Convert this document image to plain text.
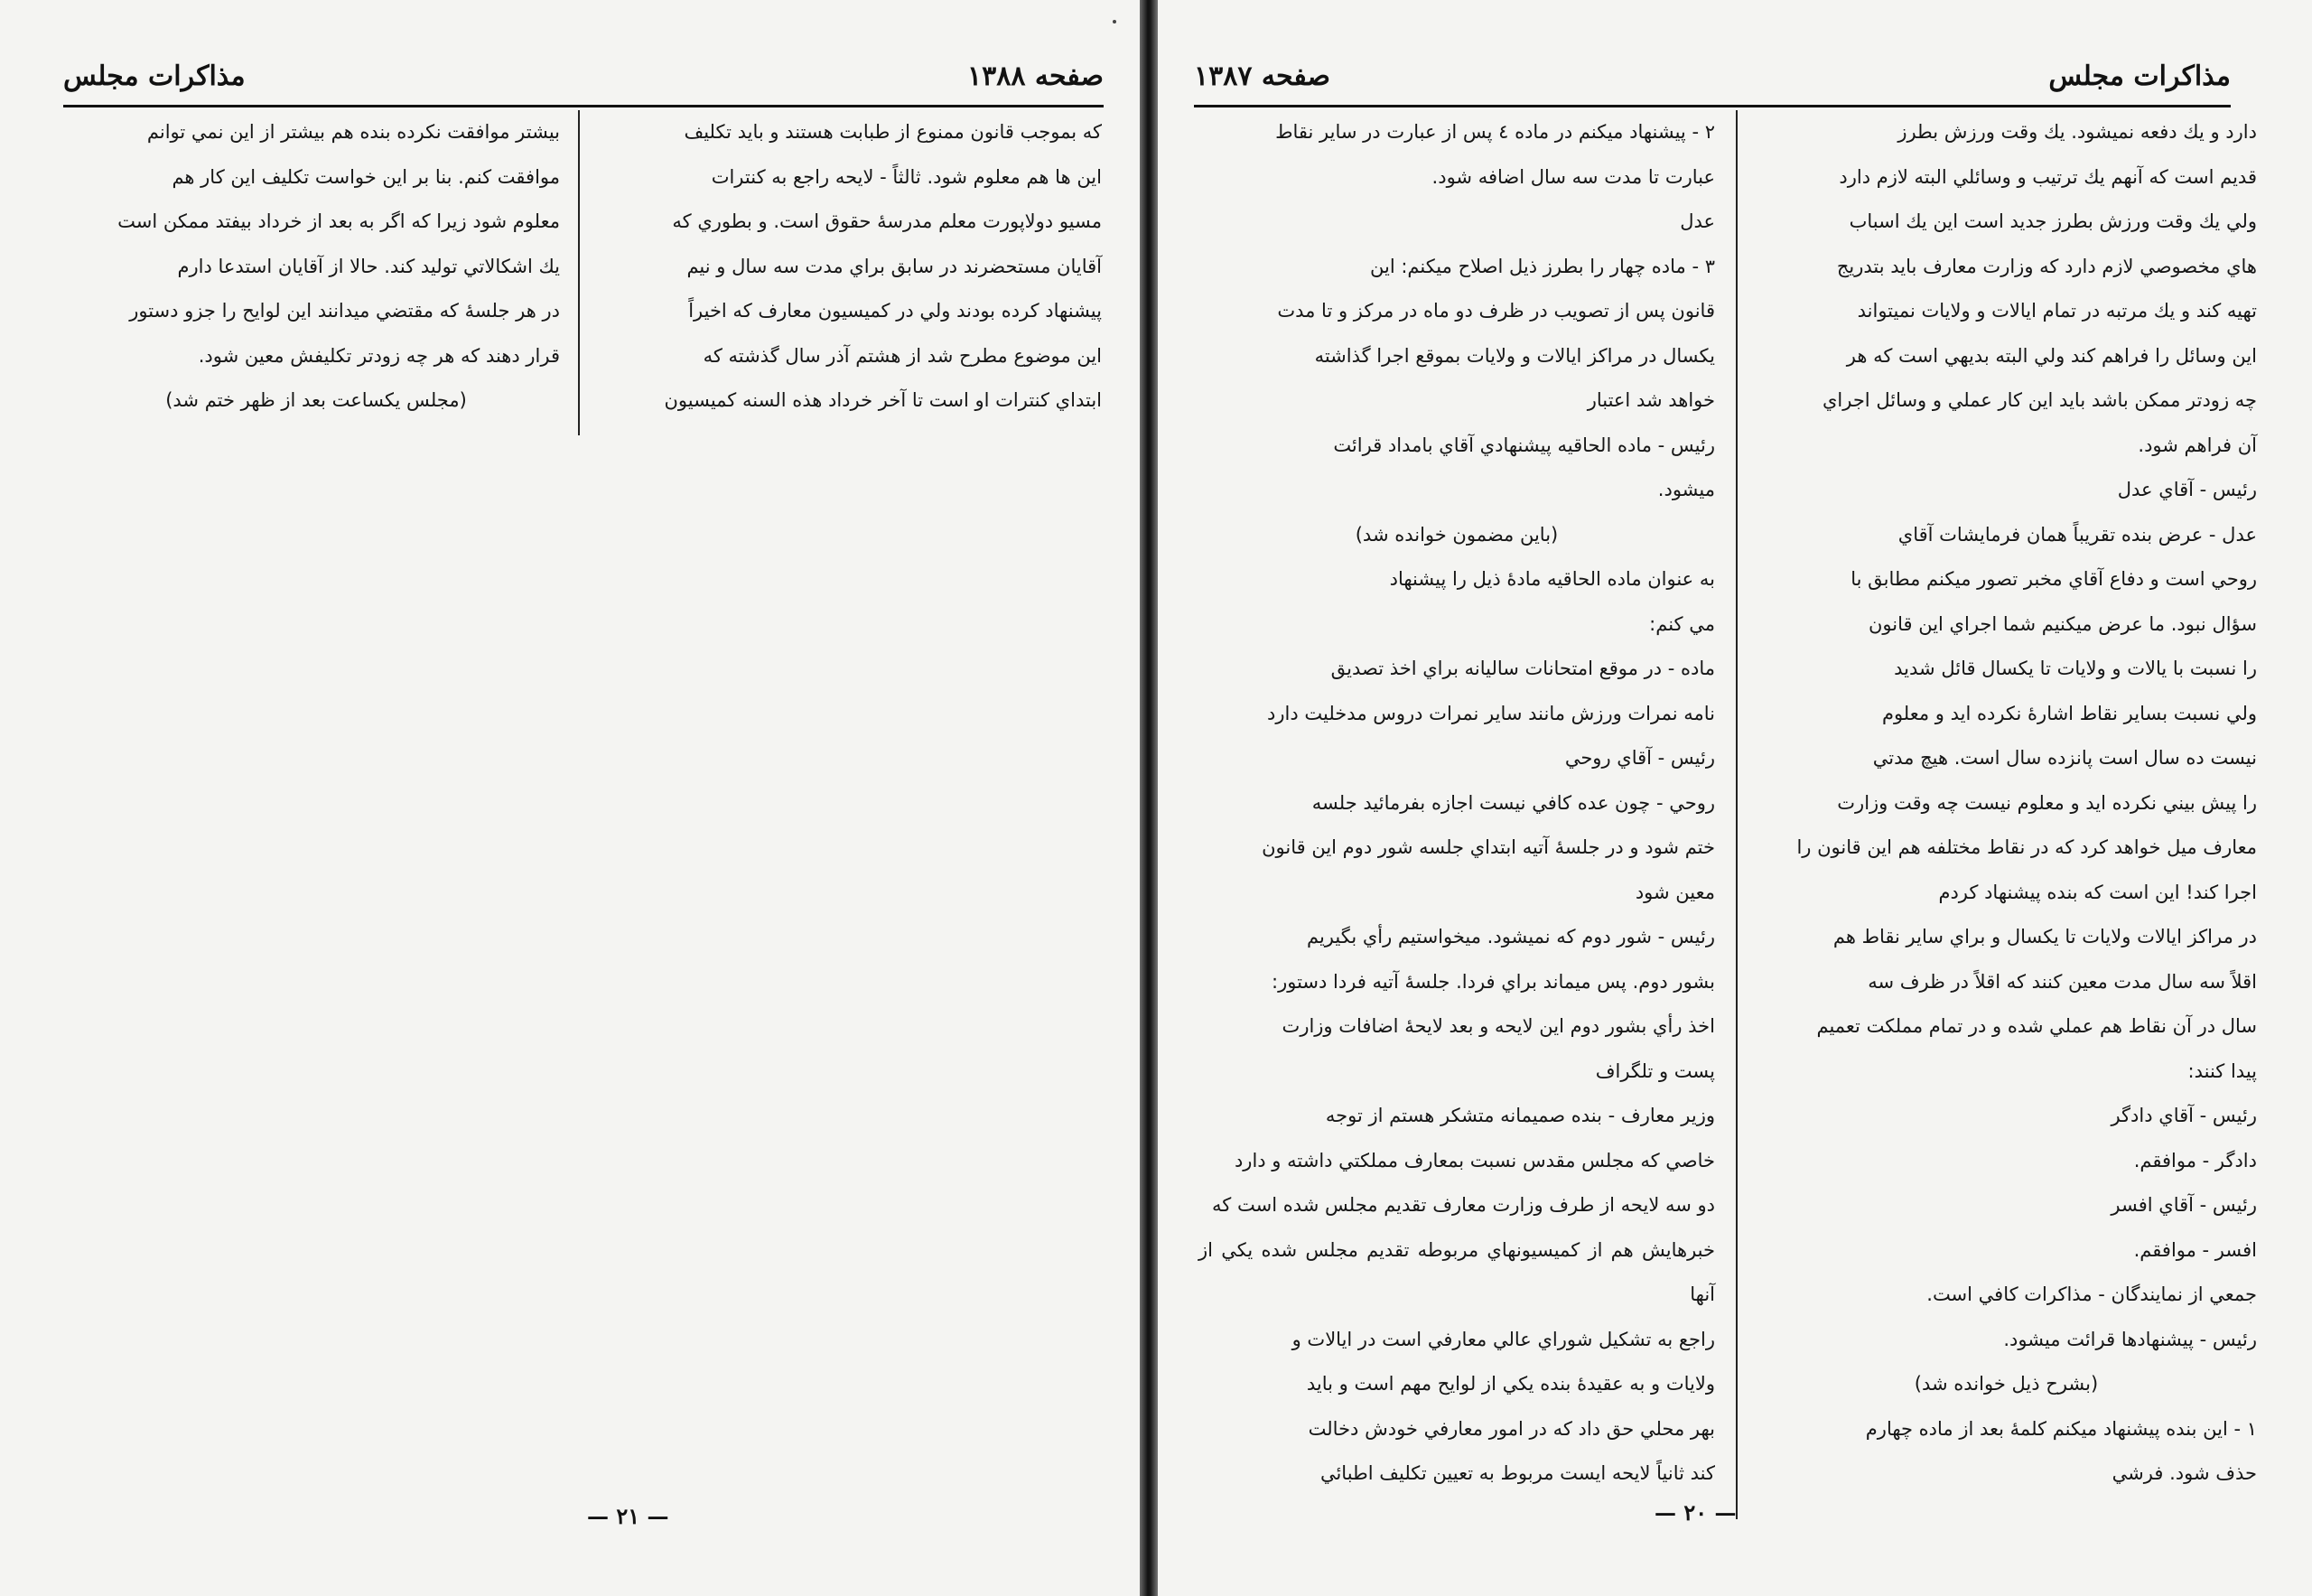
صفحه ۱۳۸۸
مذاکرات مجلس

كه بموجب قانون ممنوع از طبابت هستند و بايد تكليف

اين ها هم معلوم شود. ثالثاً - لايحه راجع به كنترات

مسيو دولاپورت معلم مدرسهٔ حقوق است. و بطوري كه

آقايان مستحضرند در سابق براي مدت سه سال و نيم

پيشنهاد كرده بودند ولي در كميسيون معارف كه اخيراً

اين موضوع مطرح شد از هشتم آذر سال گذشته كه

ابتداي كنترات او است تا آخر خرداد هذه السنه كميسيون

بيشتر موافقت نكرده بنده هم بيشتر از اين نمي توانم

موافقت كنم. بنا بر اين خواست تكليف اين كار هم

معلوم شود زيرا كه اگر به بعد از خرداد بيفتد ممكن است

يك اشكالاتي توليد كند. حالا از آقايان استدعا دارم

در هر جلسهٔ كه مقتضي ميدانند اين لوايح را جزو دستور

قرار دهند كه هر چه زودتر تكليفش معين شود.

(مجلس يكساعت بعد از ظهر ختم شد)

— ۲۱ —
مذاکرات مجلس
صفحه ۱۳۸۷

دارد و يك دفعه نميشود. يك وقت ورزش بطرز

قديم است كه آنهم يك ترتيب و وسائلي البته لازم دارد

ولي يك وقت ورزش بطرز جديد است اين يك اسباب

هاي مخصوصي لازم دارد كه وزارت معارف بايد بتدريج

تهيه كند و يك مرتبه در تمام ايالات و ولايات نميتواند

اين وسائل را فراهم كند ولي البته بديهي است كه هر

چه زودتر ممكن باشد بايد اين كار عملي و وسائل اجراي

آن فراهم شود.

رئيس - آقاي عدل

عدل - عرض بنده تقريباً همان فرمايشات آقاي

روحي است و دفاع آقاي مخبر تصور ميكنم مطابق با

سؤال نبود. ما عرض ميكنيم شما اجراي اين قانون

را نسبت با يالات و ولايات تا يكسال قائل شديد

ولي نسبت بساير نقاط اشارهٔ نكرده ايد و معلوم

نيست ده سال است پانزده سال است. هيچ مدتي

را پيش بيني نكرده ايد و معلوم نيست چه وقت وزارت

معارف ميل خواهد كرد كه در نقاط مختلفه هم اين قانون را

اجرا كند! اين است كه بنده پيشنهاد كردم

در مراكز ايالات ولايات تا يكسال و براي ساير نقاط هم

اقلاً سه سال مدت معين كنند كه اقلاً در ظرف سه

سال در آن نقاط هم عملي شده و در تمام مملكت تعميم

پيدا كنند:

رئيس - آقاي دادگر

دادگر - موافقم.

رئيس - آقاي افسر

افسر - موافقم.

جمعي از نمايندگان - مذاكرات كافي است.

رئيس - پيشنهادها قرائت ميشود.

(بشرح ذيل خوانده شد)

۱ - اين بنده پيشنهاد ميكنم كلمهٔ بعد از ماده چهارم

حذف شود. فرشي

۲ - پيشنهاد ميكنم در ماده ٤ پس از عبارت در ساير نقاط

عبارت تا مدت سه سال اضافه شود.

عدل

۳ - ماده چهار را بطرز ذيل اصلاح ميكنم: اين

قانون پس از تصويب در ظرف دو ماه در مركز و تا مدت

يكسال در مراكز ايالات و ولايات بموقع اجرا گذاشته

خواهد شد اعتبار

رئيس - ماده الحاقيه پيشنهادي آقاي بامداد قرائت

ميشود.

(باين مضمون خوانده شد)

به عنوان ماده الحاقيه مادهٔ ذيل را پيشنهاد

مي كنم:

ماده - در موقع امتحانات ساليانه براي اخذ تصديق

نامه نمرات ورزش مانند ساير نمرات دروس مدخليت دارد

رئيس - آقاي روحي

روحي - چون عده كافي نيست اجازه بفرمائيد جلسه

ختم شود و در جلسهٔ آتيه ابتداي جلسه شور دوم اين قانون

معين شود

رئيس - شور دوم كه نميشود. ميخواستيم رأي بگيريم

بشور دوم. پس ميماند براي فردا. جلسهٔ آتيه فردا دستور:

اخذ رأي بشور دوم اين لايحه و بعد لايحهٔ اضافات وزارت

پست و تلگراف

وزير معارف - بنده صميمانه متشكر هستم از توجه

خاصي كه مجلس مقدس نسبت بمعارف مملكتي داشته و دارد

دو سه لايحه از طرف وزارت معارف تقديم مجلس شده است كه

خبرهايش هم از كميسيونهاي مربوطه تقديم مجلس شده يكي از آنها

راجع به تشكيل شوراي عالي معارفي است در ايالات و

ولايات و به عقيدهٔ بنده يكي از لوايح مهم است و بايد

بهر محلي حق داد كه در امور معارفي خودش دخالت

كند ثانياً لايحه ايست مربوط به تعيين تكليف اطبائي

— ۲۰ —
